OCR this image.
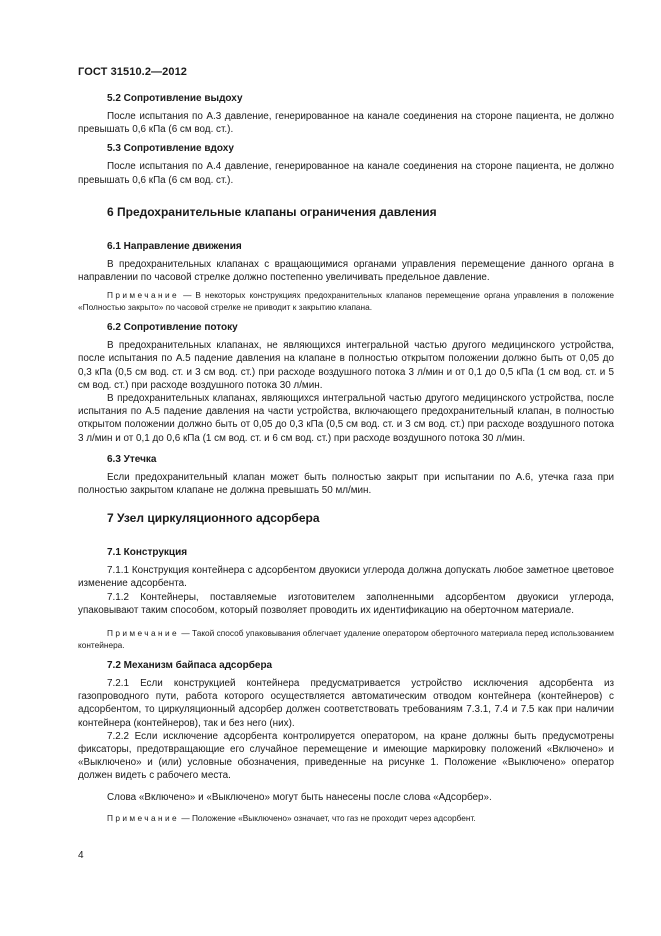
ГОСТ 31510.2—2012
5.2 Сопротивление выдоху

После испытания по А.3 давление, генерированное на канале соединения на стороне пациента, не должно превышать 0,6 кПа (6 см вод. ст.).

5.3 Сопротивление вдоху

После испытания по А.4 давление, генерированное на канале соединения на стороне пациента, не должно превышать 0,6 кПа (6 см вод. ст.).

6 Предохранительные клапаны ограничения давления
6.1 Направление движения

В предохранительных клапанах с вращающимися органами управления перемещение данного органа в направлении по часовой стрелке должно постепенно увеличивать предельное давление.

Примечание — В некоторых конструкциях предохранительных клапанов перемещение органа управления в положение «Полностью закрыто» по часовой стрелке не приводит к закрытию клапана.
6.2 Сопротивление потоку

В предохранительных клапанах, не являющихся интегральной частью другого медицинского устройства, после испытания по А.5 падение давления на клапане в полностью открытом положении должно быть от 0,05 до 0,3 кПа (0,5 см вод. ст. и 3 см вод. ст.) при расходе воздушного потока 3 л/мин и от 0,1 до 0,5 кПа (1 см вод. ст. и 5 см вод. ст.) при расходе воздушного потока 30 л/мин.

В предохранительных клапанах, являющихся интегральной частью другого медицинского устройства, после испытания по А.5 падение давления на части устройства, включающего предохранительный клапан, в полностью открытом положении должно быть от 0,05 до 0,3 кПа (0,5 см вод. ст. и 3 см вод. ст.) при расходе воздушного потока 3 л/мин и от 0,1 до 0,6 кПа (1 см вод. ст. и 6 см вод. ст.) при расходе воздушного потока 30 л/мин.

6.3 Утечка

Если предохранительный клапан может быть полностью закрыт при испытании по А.6, утечка газа при полностью закрытом клапане не должна превышать 50 мл/мин.

7 Узел циркуляционного адсорбера
7.1 Конструкция

7.1.1 Конструкция контейнера с адсорбентом двуокиси углерода должна допускать любое заметное цветовое изменение адсорбента.

7.1.2 Контейнеры, поставляемые изготовителем заполненными адсорбентом двуокиси углерода, упаковывают таким способом, который позволяет проводить их идентификацию на оберточном материале.

Примечание — Такой способ упаковывания облегчает удаление оператором оберточного материала перед использованием контейнера.
7.2 Механизм байпаса адсорбера

7.2.1 Если конструкцией контейнера предусматривается устройство исключения адсорбента из газопроводного пути, работа которого осуществляется автоматическим отводом контейнера (контейнеров) с адсорбентом, то циркуляционный адсорбер должен соответствовать требованиям 7.3.1, 7.4 и 7.5 как при наличии контейнера (контейнеров), так и без него (них).

7.2.2 Если исключение адсорбента контролируется оператором, на кране должны быть предусмотрены фиксаторы, предотвращающие его случайное перемещение и имеющие маркировку положений «Включено» и «Выключено» и (или) условные обозначения, приведенные на рисунке 1. Положение «Выключено» оператор должен видеть с рабочего места.

Слова «Включено» и «Выключено» могут быть нанесены после слова «Адсорбер».

Примечание — Положение «Выключено» означает, что газ не проходит через адсорбент.
4
